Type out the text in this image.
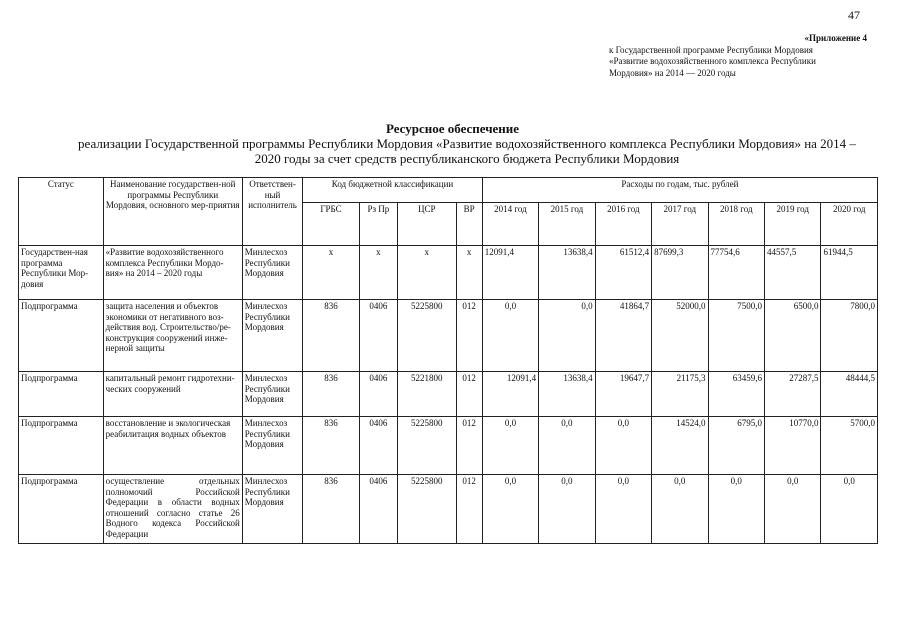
47
«Приложение 4
к Государственной программе Республики Мордовия
«Развитие водохозяйственного комплекса Республики
Мордовия» на 2014 — 2020 годы
Ресурсное обеспечение
реализации Государственной программы Республики Мордовия «Развитие водохозяйственного комплекса Республики Мордовия» на 2014 –
2020 годы за счет средств республиканского бюджета Республики Мордовия
Статус	Наименование государствен-ной программы Республики Мордовия, основного мер-приятия	Ответствен-ный исполнитель	Код бюджетной классификации				Расходы по годам, тыс. рублей						
			ГРБС	Рз Пр	ЦСР	ВР	2014 год	2015 год	2016 год	2017 год	2018 год	2019 год	2020 год
Государствен-ная программа Республики Мор-довия	«Развитие водохозяйственного комплекса Республики Мордо-вия» на 2014 – 2020 годы	Минлесхоз Республики Мордовия	х	х	х	х	12091,4	13638,4	61512,4	87699,3	77754,6	44557,5	61944,5
Подпрограмма	защита населения и объектов экономики от негативного воз-действия вод. Строительство/ре-конструкция сооружений инже-нерной защиты	Минлесхоз Республики Мордовия	836	0406	5225800	012	0,0	0,0	41864,7	52000,0	7500,0	6500,0	7800,0
Подпрограмма	капитальный ремонт гидротехни-ческих сооружений	Минлесхоз Республики Мордовия	836	0406	5221800	012	12091,4	13638,4	19647,7	21175,3	63459,6	27287,5	48444,5
Подпрограмма	восстановление и экологическая реабилитация водных объектов	Минлесхоз Республики Мордовия	836	0406	5225800	012	0,0	0,0	0,0	14524,0	6795,0	10770,0	5700,0
Подпрограмма	осуществление отдельных полномочий Российской Федерации в области водных отношений согласно статье 26 Водного кодекса Российской Федерации	Минлесхоз Республики Мордовия	836	0406	5225800	012	0,0	0,0	0,0	0,0	0,0	0,0	0,0
